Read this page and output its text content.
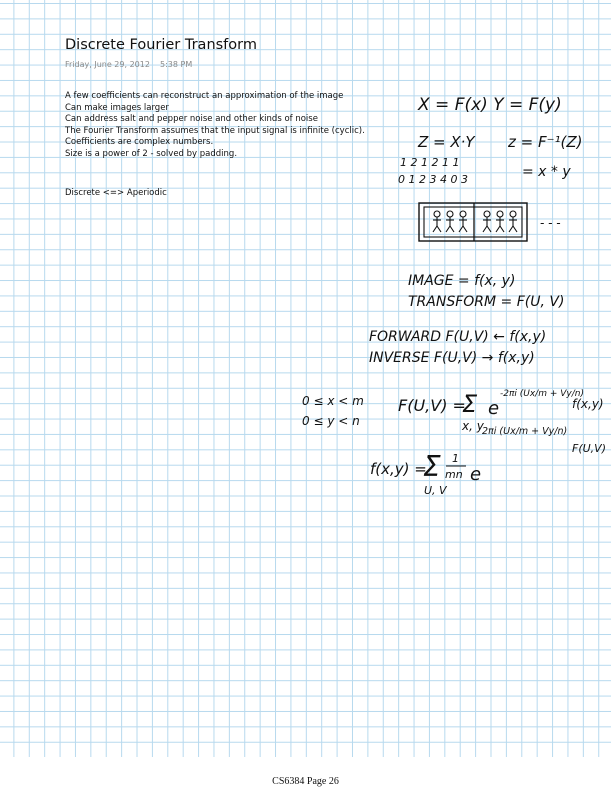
Discrete Fourier Transform
Friday, June 29, 2012 5:38 PM
A few coefficients can reconstruct an approximation of the image
Can make images larger
Can address salt and pepper noise and other kinds of noise
The Fourier Transform assumes that the input signal is infinite (cyclic).
Coefficients are complex numbers.
Size is a power of 2 - solved by padding.
Discrete <=> Aperiodic
X = F(x) Y = F(y)
Z = X·Y z = F⁻¹(Z)
1 2 1 2 1 1
0 1 2 3 4 0 3	= x * y
- - -
IMAGE = f(x, y)
TRANSFORM = F(U, V)
FORWARD F(U,V) ← f(x,y)
INVERSE F(U,V) → f(x,y)
0 ≤ x < m
0 ≤ y < n
F(U,V) =
Σ
x, y
e
-2πi (Ux/m + Vy/n)
f(x,y)
f(x,y) =
Σ
U, V
1
mn e
2πi (Ux/m + Vy/n)
F(U,V)
CS6384 Page 26
